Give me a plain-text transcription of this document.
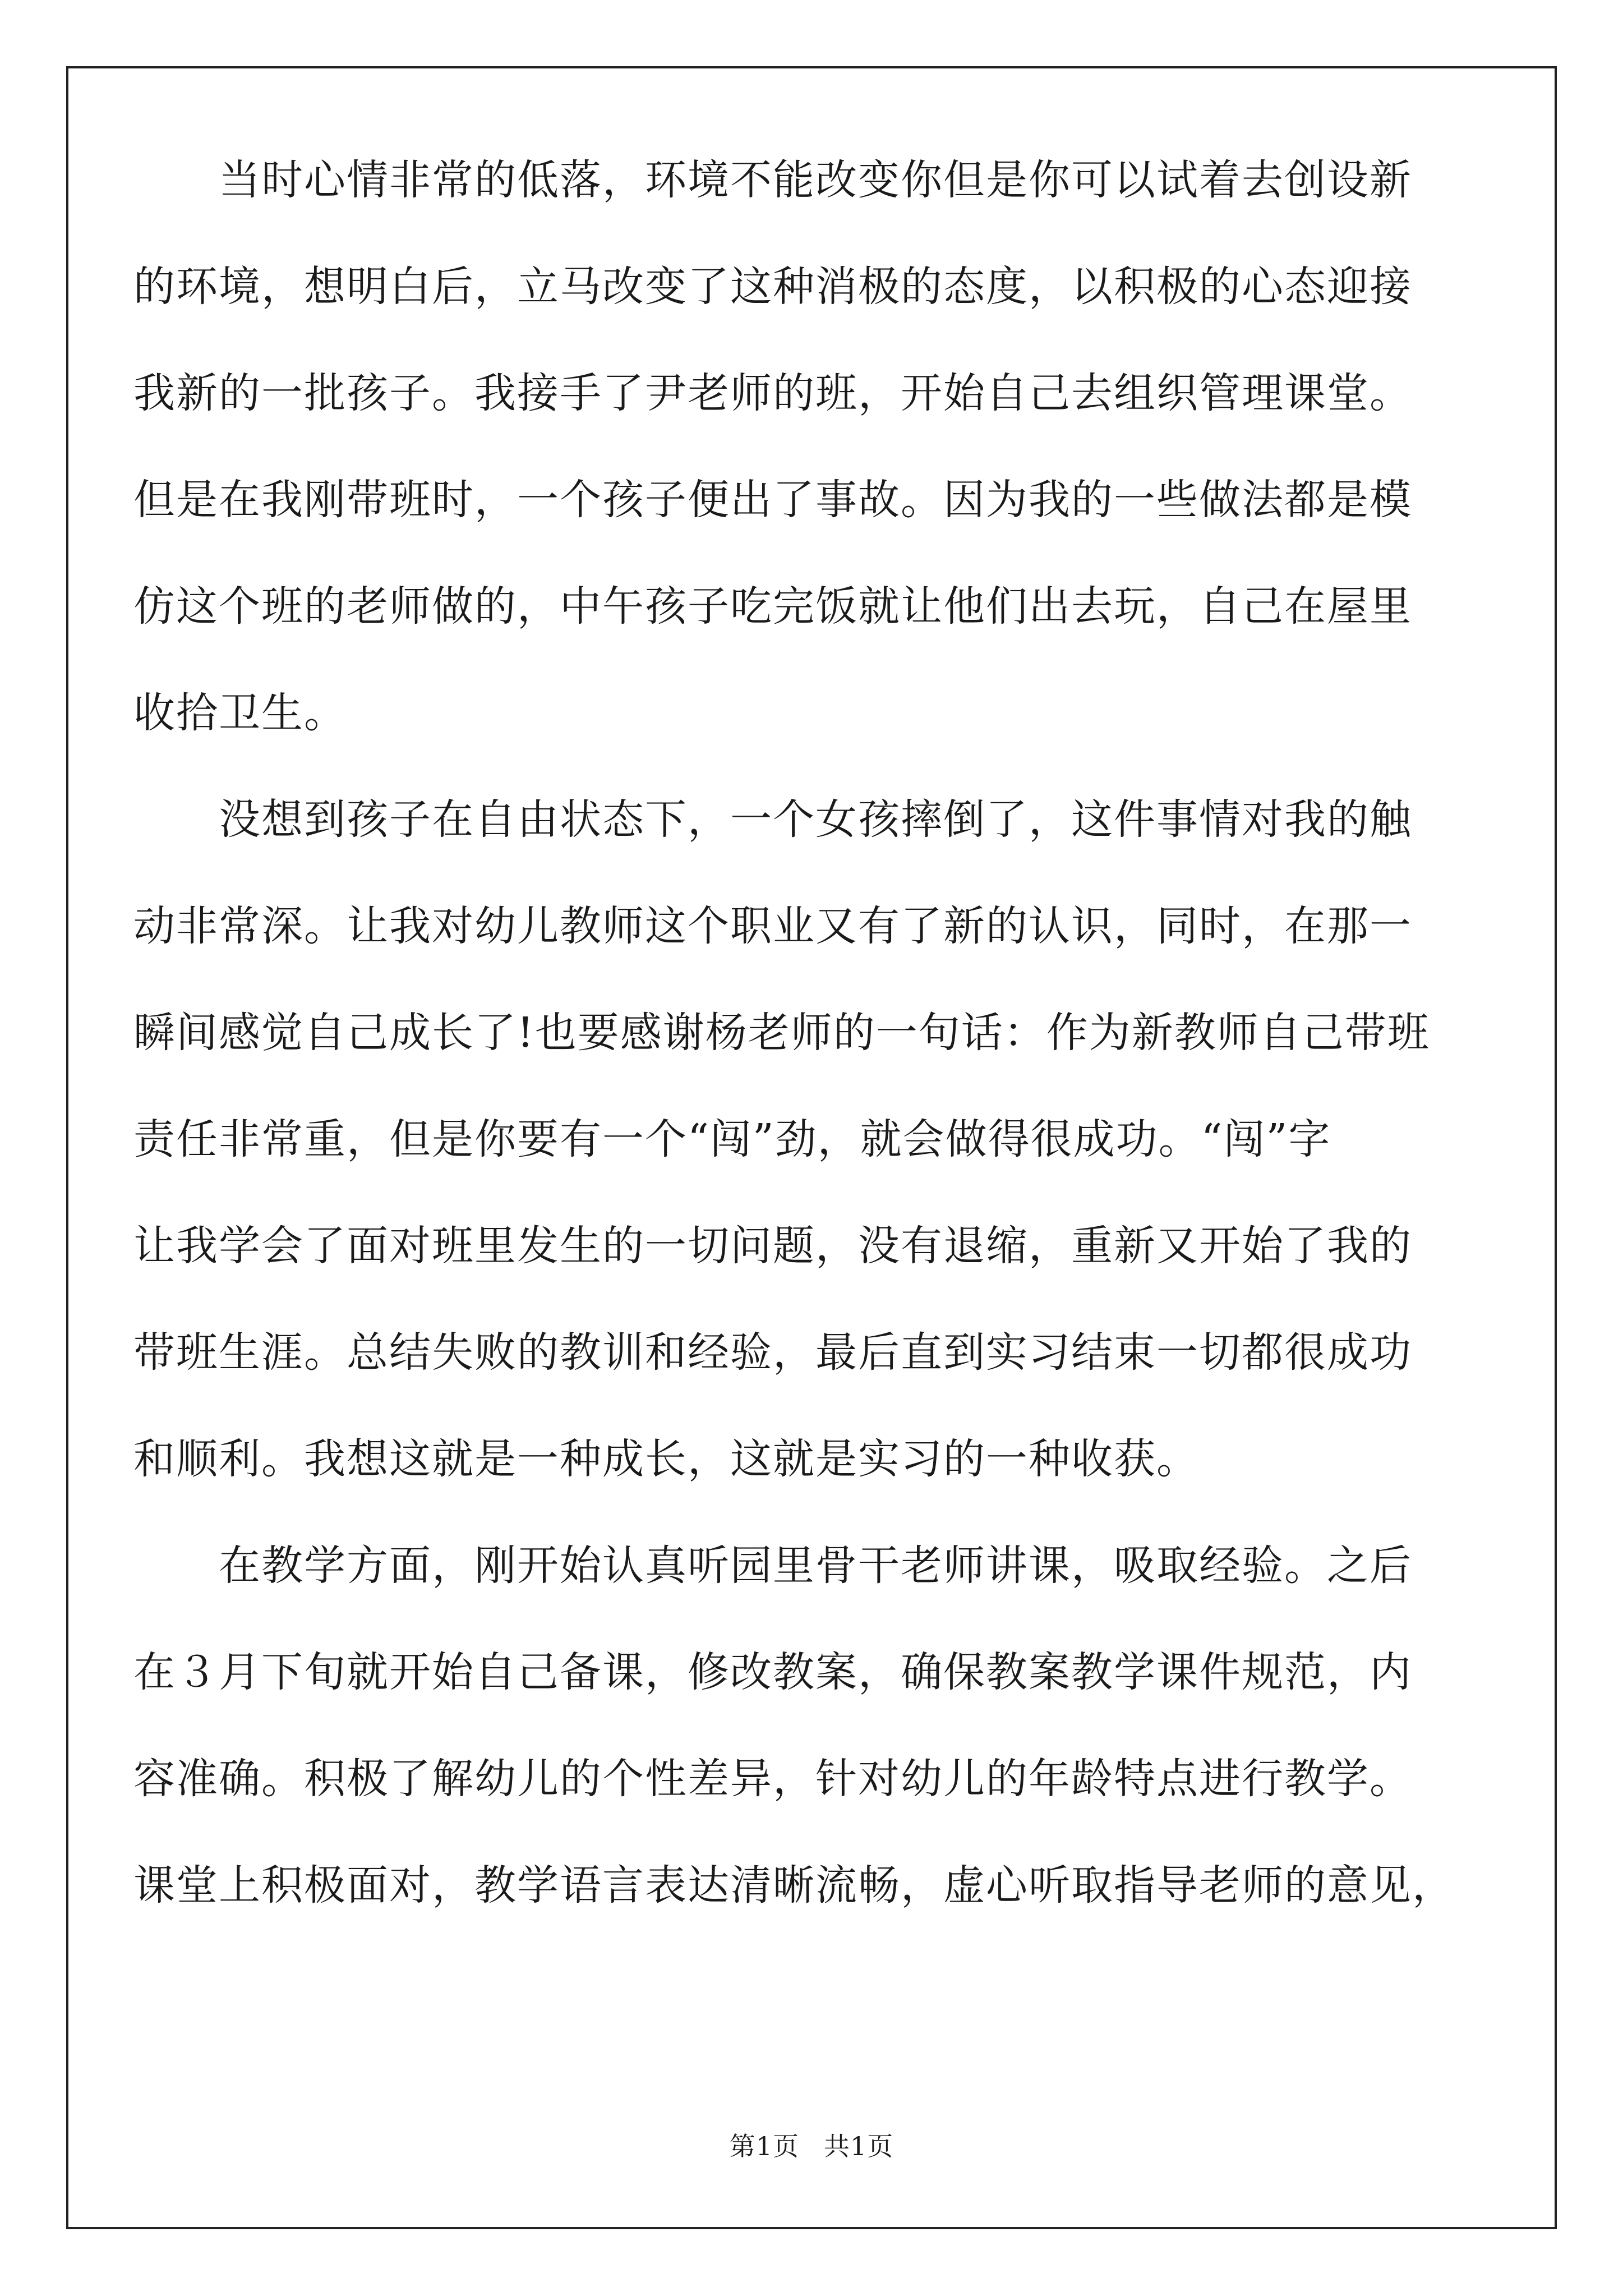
当时心情非常的低落，环境不能改变你但是你可以试着去创设新
的环境，想明白后，立马改变了这种消极的态度，以积极的心态迎接
我新的一批孩子。我接手了尹老师的班，开始自己去组织管理课堂。
但是在我刚带班时，一个孩子便出了事故。因为我的一些做法都是模
仿这个班的老师做的，中午孩子吃完饭就让他们出去玩，自己在屋里
收拾卫生。
没想到孩子在自由状态下，一个女孩摔倒了，这件事情对我的触
动非常深。让我对幼儿教师这个职业又有了新的认识，同时，在那一
瞬间感觉自己成长了!也要感谢杨老师的一句话：作为新教师自己带班
责任非常重，但是你要有一个“闯”劲，就会做得很成功。“闯”字
让我学会了面对班里发生的一切问题，没有退缩，重新又开始了我的
带班生涯。总结失败的教训和经验，最后直到实习结束一切都很成功
和顺利。我想这就是一种成长，这就是实习的一种收获。
在教学方面，刚开始认真听园里骨干老师讲课，吸取经验。之后
在３月下旬就开始自己备课，修改教案，确保教案教学课件规范，内
容准确。积极了解幼儿的个性差异，针对幼儿的年龄特点进行教学。
课堂上积极面对，教学语言表达清晰流畅，虚心听取指导老师的意见，
第1页 共1页
